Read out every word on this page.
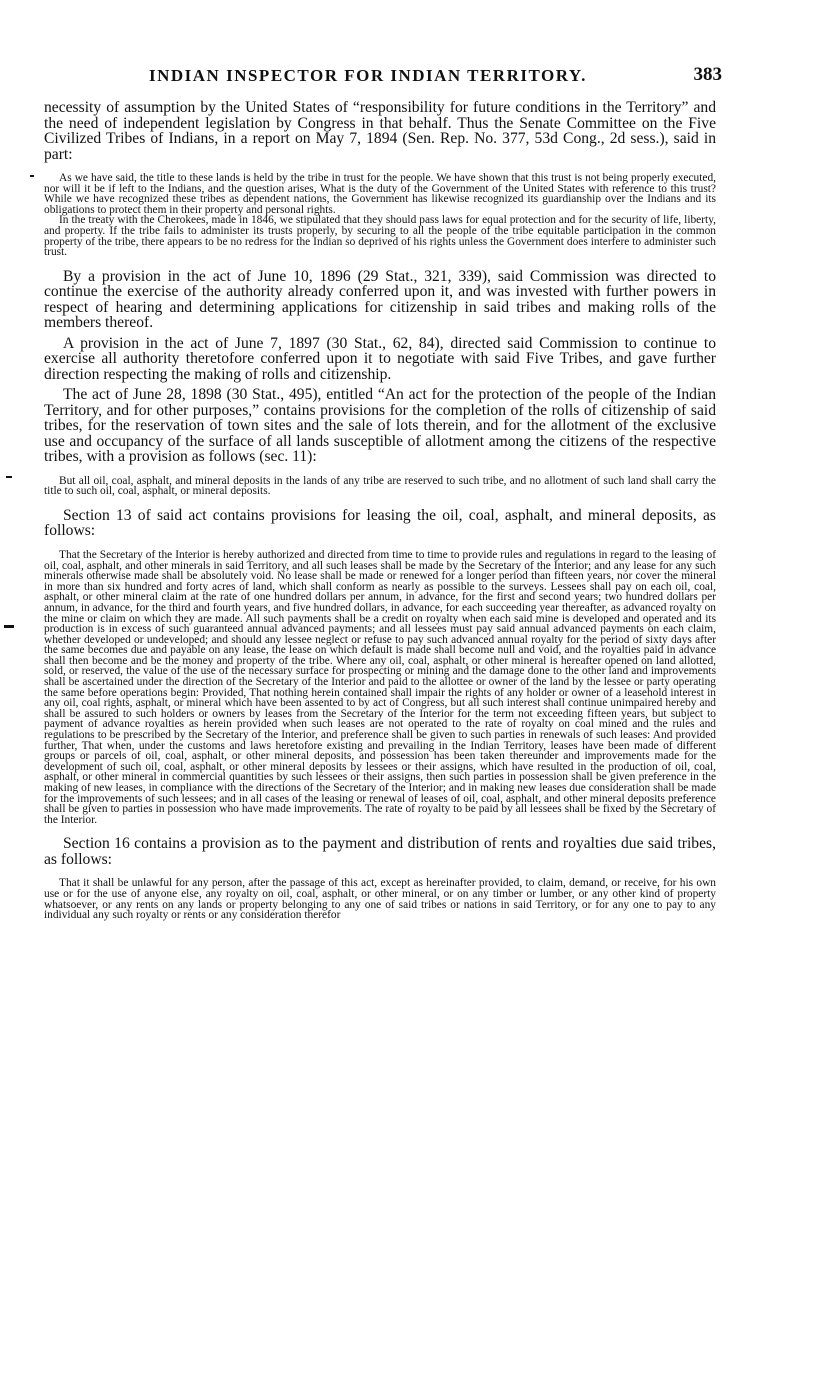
INDIAN INSPECTOR FOR INDIAN TERRITORY.	383

necessity of assumption by the United States of “responsibility for future conditions in the Territory” and the need of independent legislation by Congress in that behalf. Thus the Senate Committee on the Five Civilized Tribes of Indians, in a report on May 7, 1894 (Sen. Rep. No. 377, 53d Cong., 2d sess.), said in part:

As we have said, the title to these lands is held by the tribe in trust for the people. We have shown that this trust is not being properly executed, nor will it be if left to the Indians, and the question arises, What is the duty of the Government of the United States with reference to this trust? While we have recognized these tribes as dependent nations, the Government has likewise recognized its guardianship over the Indians and its obligations to protect them in their property and personal rights.

In the treaty with the Cherokees, made in 1846, we stipulated that they should pass laws for equal protection and for the security of life, liberty, and property. If the tribe fails to administer its trusts properly, by securing to all the people of the tribe equitable participation in the common property of the tribe, there appears to be no redress for the Indian so deprived of his rights unless the Government does interfere to administer such trust.

By a provision in the act of June 10, 1896 (29 Stat., 321, 339), said Commission was directed to continue the exercise of the authority already conferred upon it, and was invested with further powers in respect of hearing and determining applications for citizenship in said tribes and making rolls of the members thereof.

A provision in the act of June 7, 1897 (30 Stat., 62, 84), directed said Commission to continue to exercise all authority theretofore conferred upon it to negotiate with said Five Tribes, and gave further direction respecting the making of rolls and citizenship.

The act of June 28, 1898 (30 Stat., 495), entitled “An act for the protection of the people of the Indian Territory, and for other purposes,” contains provisions for the completion of the rolls of citizenship of said tribes, for the reservation of town sites and the sale of lots therein, and for the allotment of the exclusive use and occupancy of the surface of all lands susceptible of allotment among the citizens of the respective tribes, with a provision as follows (sec. 11):

But all oil, coal, asphalt, and mineral deposits in the lands of any tribe are reserved to such tribe, and no allotment of such land shall carry the title to such oil, coal, asphalt, or mineral deposits.

Section 13 of said act contains provisions for leasing the oil, coal, asphalt, and mineral deposits, as follows:

That the Secretary of the Interior is hereby authorized and directed from time to time to provide rules and regulations in regard to the leasing of oil, coal, asphalt, and other minerals in said Territory, and all such leases shall be made by the Secretary of the Interior; and any lease for any such minerals otherwise made shall be absolutely void. No lease shall be made or renewed for a longer period than fifteen years, nor cover the mineral in more than six hundred and forty acres of land, which shall conform as nearly as possible to the surveys. Lessees shall pay on each oil, coal, asphalt, or other mineral claim at the rate of one hundred dollars per annum, in advance, for the first and second years; two hundred dollars per annum, in advance, for the third and fourth years, and five hundred dollars, in advance, for each succeeding year thereafter, as advanced royalty on the mine or claim on which they are made. All such payments shall be a credit on royalty when each said mine is developed and operated and its production is in excess of such guaranteed annual advanced payments; and all lessees must pay said annual advanced payments on each claim, whether developed or undeveloped; and should any lessee neglect or refuse to pay such advanced annual royalty for the period of sixty days after the same becomes due and payable on any lease, the lease on which default is made shall become null and void, and the royalties paid in advance shall then become and be the money and property of the tribe. Where any oil, coal, asphalt, or other mineral is hereafter opened on land allotted, sold, or reserved, the value of the use of the necessary surface for prospecting or mining and the damage done to the other land and improvements shall be ascertained under the direction of the Secretary of the Interior and paid to the allottee or owner of the land by the lessee or party operating the same before operations begin: Provided, That nothing herein contained shall impair the rights of any holder or owner of a leasehold interest in any oil, coal rights, asphalt, or mineral which have been assented to by act of Congress, but all such interest shall continue unimpaired hereby and shall be assured to such holders or owners by leases from the Secretary of the Interior for the term not exceeding fifteen years, but subject to payment of advance royalties as herein provided when such leases are not operated to the rate of royalty on coal mined and the rules and regulations to be prescribed by the Secretary of the Interior, and preference shall be given to such parties in renewals of such leases: And provided further, That when, under the customs and laws heretofore existing and prevailing in the Indian Territory, leases have been made of different groups or parcels of oil, coal, asphalt, or other mineral deposits, and possession has been taken thereunder and improvements made for the development of such oil, coal, asphalt, or other mineral deposits by lessees or their assigns, which have resulted in the production of oil, coal, asphalt, or other mineral in commercial quantities by such lessees or their assigns, then such parties in possession shall be given preference in the making of new leases, in compliance with the directions of the Secretary of the Interior; and in making new leases due consideration shall be made for the improvements of such lessees; and in all cases of the leasing or renewal of leases of oil, coal, asphalt, and other mineral deposits preference shall be given to parties in possession who have made improvements. The rate of royalty to be paid by all lessees shall be fixed by the Secretary of the Interior.

Section 16 contains a provision as to the payment and distribution of rents and royalties due said tribes, as follows:

That it shall be unlawful for any person, after the passage of this act, except as hereinafter provided, to claim, demand, or receive, for his own use or for the use of anyone else, any royalty on oil, coal, asphalt, or other mineral, or on any timber or lumber, or any other kind of property whatsoever, or any rents on any lands or property belonging to any one of said tribes or nations in said Territory, or for any one to pay to any individual any such royalty or rents or any consideration therefor
